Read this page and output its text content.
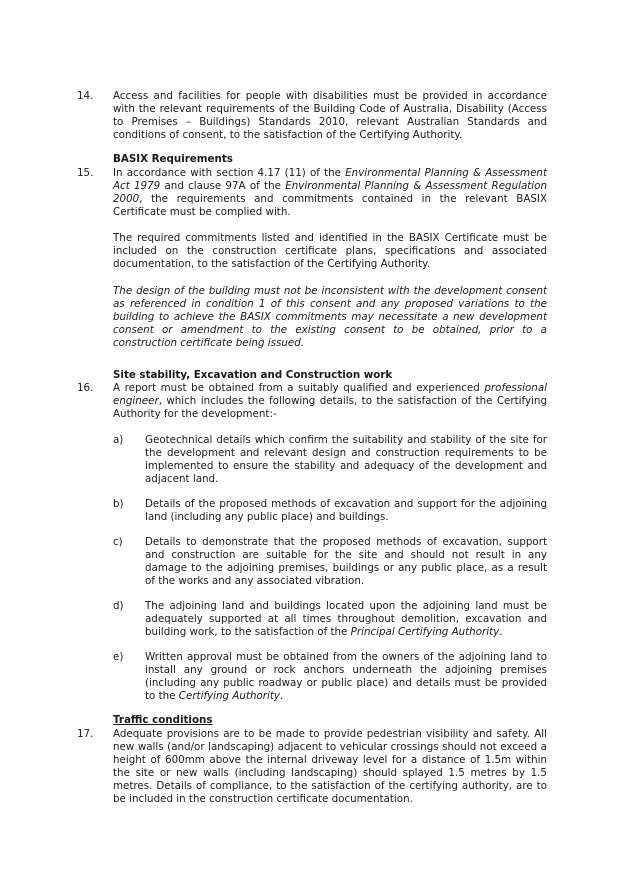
14. Access and facilities for people with disabilities must be provided in accordance with the relevant requirements of the Building Code of Australia, Disability (Access to Premises – Buildings) Standards 2010, relevant Australian Standards and conditions of consent, to the satisfaction of the Certifying Authority.
BASIX Requirements
15. In accordance with section 4.17 (11) of the Environmental Planning & Assessment Act 1979 and clause 97A of the Environmental Planning & Assessment Regulation 2000, the requirements and commitments contained in the relevant BASIX Certificate must be complied with.
The required commitments listed and identified in the BASIX Certificate must be included on the construction certificate plans, specifications and associated documentation, to the satisfaction of the Certifying Authority.
The design of the building must not be inconsistent with the development consent as referenced in condition 1 of this consent and any proposed variations to the building to achieve the BASIX commitments may necessitate a new development consent or amendment to the existing consent to be obtained, prior to a construction certificate being issued.
Site stability, Excavation and Construction work
16. A report must be obtained from a suitably qualified and experienced professional engineer, which includes the following details, to the satisfaction of the Certifying Authority for the development:-
a) Geotechnical details which confirm the suitability and stability of the site for the development and relevant design and construction requirements to be implemented to ensure the stability and adequacy of the development and adjacent land.
b) Details of the proposed methods of excavation and support for the adjoining land (including any public place) and buildings.
c) Details to demonstrate that the proposed methods of excavation, support and construction are suitable for the site and should not result in any damage to the adjoining premises, buildings or any public place, as a result of the works and any associated vibration.
d) The adjoining land and buildings located upon the adjoining land must be adequately supported at all times throughout demolition, excavation and building work, to the satisfaction of the Principal Certifying Authority.
e) Written approval must be obtained from the owners of the adjoining land to install any ground or rock anchors underneath the adjoining premises (including any public roadway or public place) and details must be provided to the Certifying Authority.
Traffic conditions
17. Adequate provisions are to be made to provide pedestrian visibility and safety. All new walls (and/or landscaping) adjacent to vehicular crossings should not exceed a height of 600mm above the internal driveway level for a distance of 1.5m within the site or new walls (including landscaping) should splayed 1.5 metres by 1.5 metres. Details of compliance, to the satisfaction of the certifying authority, are to be included in the construction certificate documentation.
